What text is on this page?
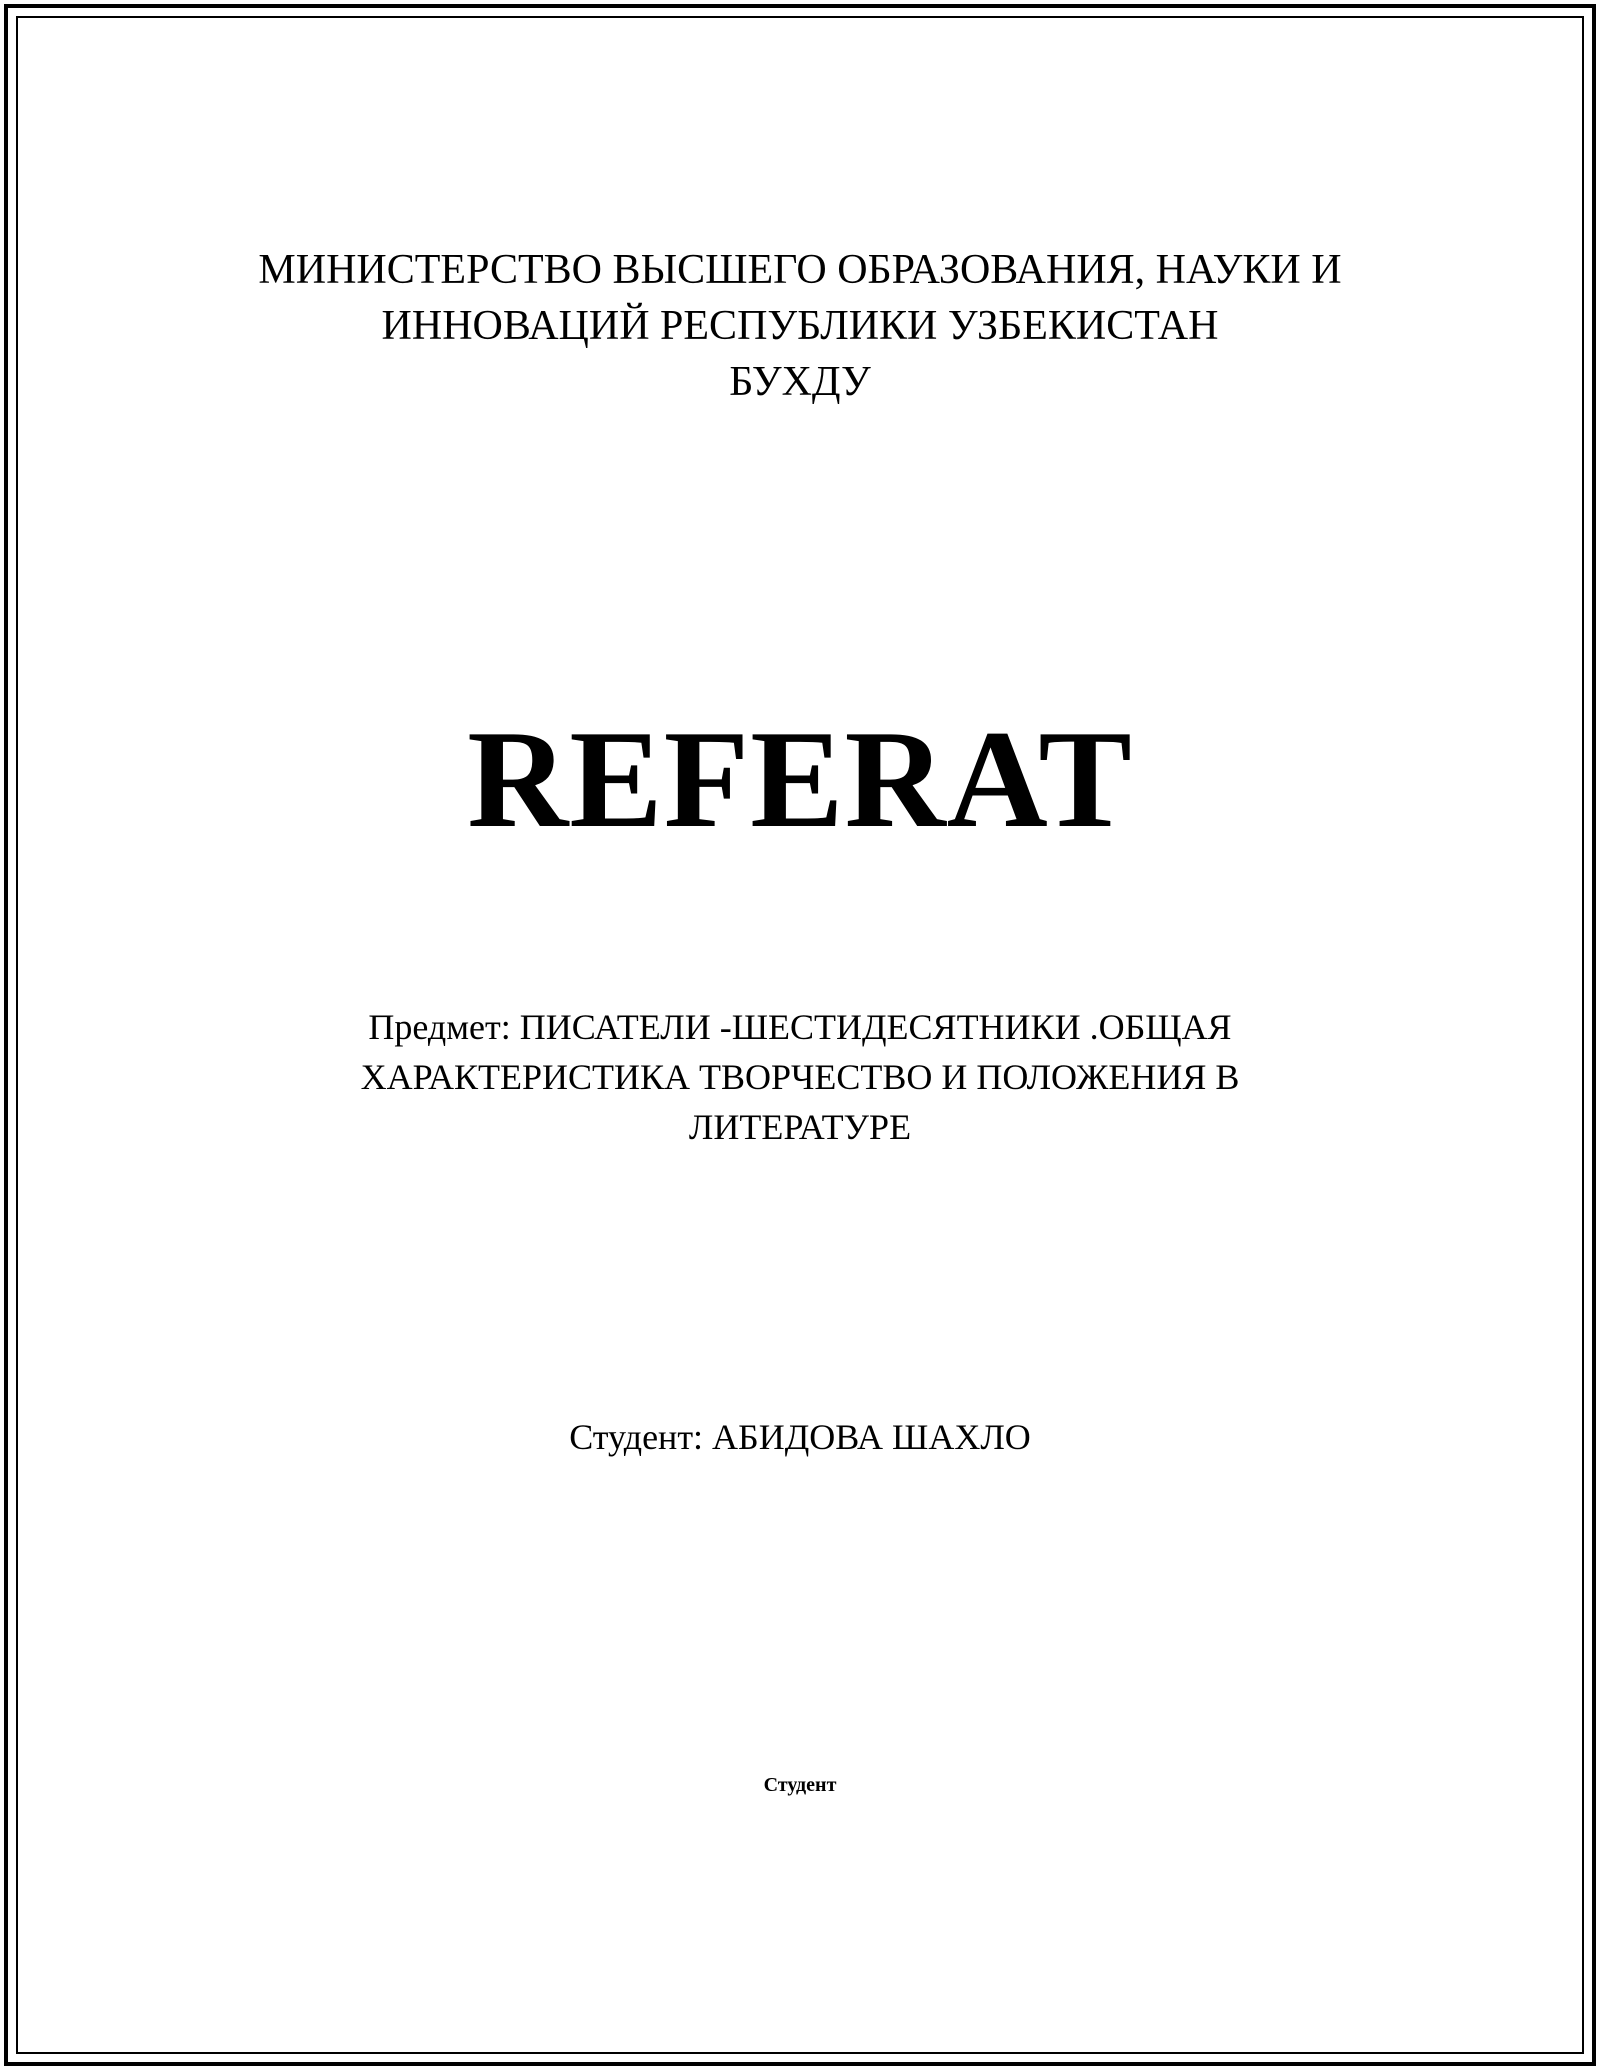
МИНИСТЕРСТВО ВЫСШЕГО ОБРАЗОВАНИЯ, НАУКИ И
ИННОВАЦИЙ РЕСПУБЛИКИ УЗБЕКИСТАН
БУХДУ
REFERAT
Предмет: ПИСАТЕЛИ -ШЕСТИДЕСЯТНИКИ .ОБЩАЯ
ХАРАКТЕРИСТИКА ТВОРЧЕСТВО И ПОЛОЖЕНИЯ В
ЛИТЕРАТУРЕ
Студент: АБИДОВА ШАХЛО
Студент
